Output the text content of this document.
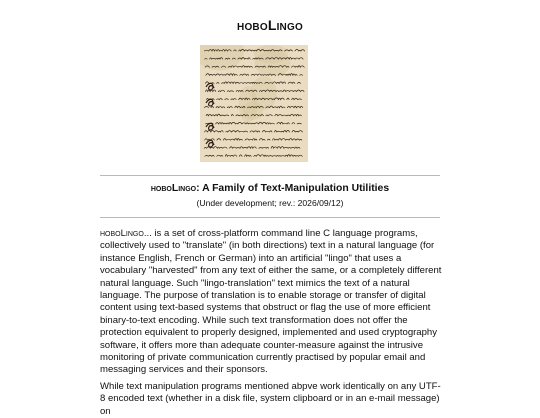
hoboLingo
hoboLingo: A Family of Text-Manipulation Utilities
(Under development; rev.: 2026/09/12)

hoboLingo... is a set of cross-platform command line C language programs, collectively used to "translate" (in both directions) text in a natural language (for instance English, French or German) into an artificial "lingo" that uses a vocabulary "harvested" from any text of either the same, or a completely different natural language. Such "lingo-translation" text mimics the text of a natural language. The purpose of translation is to enable storage or transfer of digital content using text-based systems that obstruct or flag the use of more efficient binary-to-text encoding. While such text transformation does not offer the protection equivalent to properly designed, implemented and used cryptography software, it offers more than adequate counter-measure against the intrusive monitoring of private communication currently practised by popular email and messaging services and their sponsors.

While text manipulation programs mentioned abpve work identically on any UTF-8 encoded text (whether in a disk file, system clipboard or in an e-mail message) on
